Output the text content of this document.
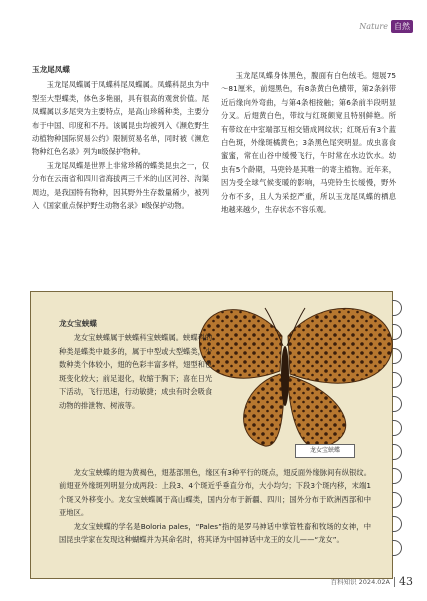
Nature 自然
玉龙尾凤蝶

玉龙尾凤蝶属于凤蝶科尾凤蝶属。凤蝶科昆虫为中型至大型蝶类，体色多艳丽，具有很高的观赏价值。尾凤蝶属以多尾突为主要特点，是高山珍稀种类，主要分布于中国、印度和不丹。该属昆虫均被列入《濒危野生动植物种国际贸易公约》限制贸易名单，同时被《濒危物种红色名录》列为Ⅱ级保护物种。

玉龙尾凤蝶是世界上非常珍稀的蝶类昆虫之一，仅分布在云南省和四川省海拔两三千米的山区河谷、沟渠周边，是我国特有物种，因其野外生存数量稀少，被列入《国家重点保护野生动物名录》Ⅱ级保护动物。

玉龙尾凤蝶身体黑色，腹面有白色绒毛。翅展75～81厘米，前翅黑色，有8条黄白色横带，第2条斜带近后缘向外弯曲，与第4条相接触；第6条前半段明显分叉。后翅黄白色，带纹与红斑颇宽且特别鲜艳。所有带纹在中室端部互相交错成网纹状；红斑后有3个蓝白色斑，外缘斑橘黄色；3条黑色尾突明显。成虫喜食蜜蜜，常在山谷中缓慢飞行，午时常在水边饮水。幼虫有5个龄期，马兜铃是其唯一的寄主植物。近年来，因为受全球气候变暖的影响，马兜铃生长缓慢，野外分布不多，且人为采挖严重，所以玉龙尾凤蝶的栖息地越来越少，生存状态不容乐观。

龙女宝蛱蝶

龙女宝蛱蝶属于蛱蝶科宝蛱蝶属。蛱蝶科的种类是蝶类中最多的，属于中型或大型蝶类，少数种类个体较小，翅的色彩丰富多样，翅型和色斑变化较大；前足退化，收缩于胸下；喜在日光下活动，飞行迅速，行动敏捷；成虫有时会吸食动物的排泄物、树液等。

龙女宝蛱蝶

龙女宝蛱蝶的翅为黄褐色，翅基部黑色，缘区有3种平行的斑点，翅反面外缘脉间有纵银纹。前翅亚外缘斑列明显分成两段：上段3、4个斑近乎垂直分布，大小均匀；下段3个斑内移，末端1个斑又外移变小。龙女宝蛱蝶属于高山蝶类，国内分布于新疆、四川；国外分布于欧洲西部和中亚地区。

龙女宝蛱蝶的学名是Boloria pales，“Pales”指的是罗马神话中掌管牲畜和牧场的女神，中国昆虫学家在发现这种蝴蝶并为其命名时，将其译为中国神话中龙王的女儿——“龙女”。

百科知识 2024.02A 43
